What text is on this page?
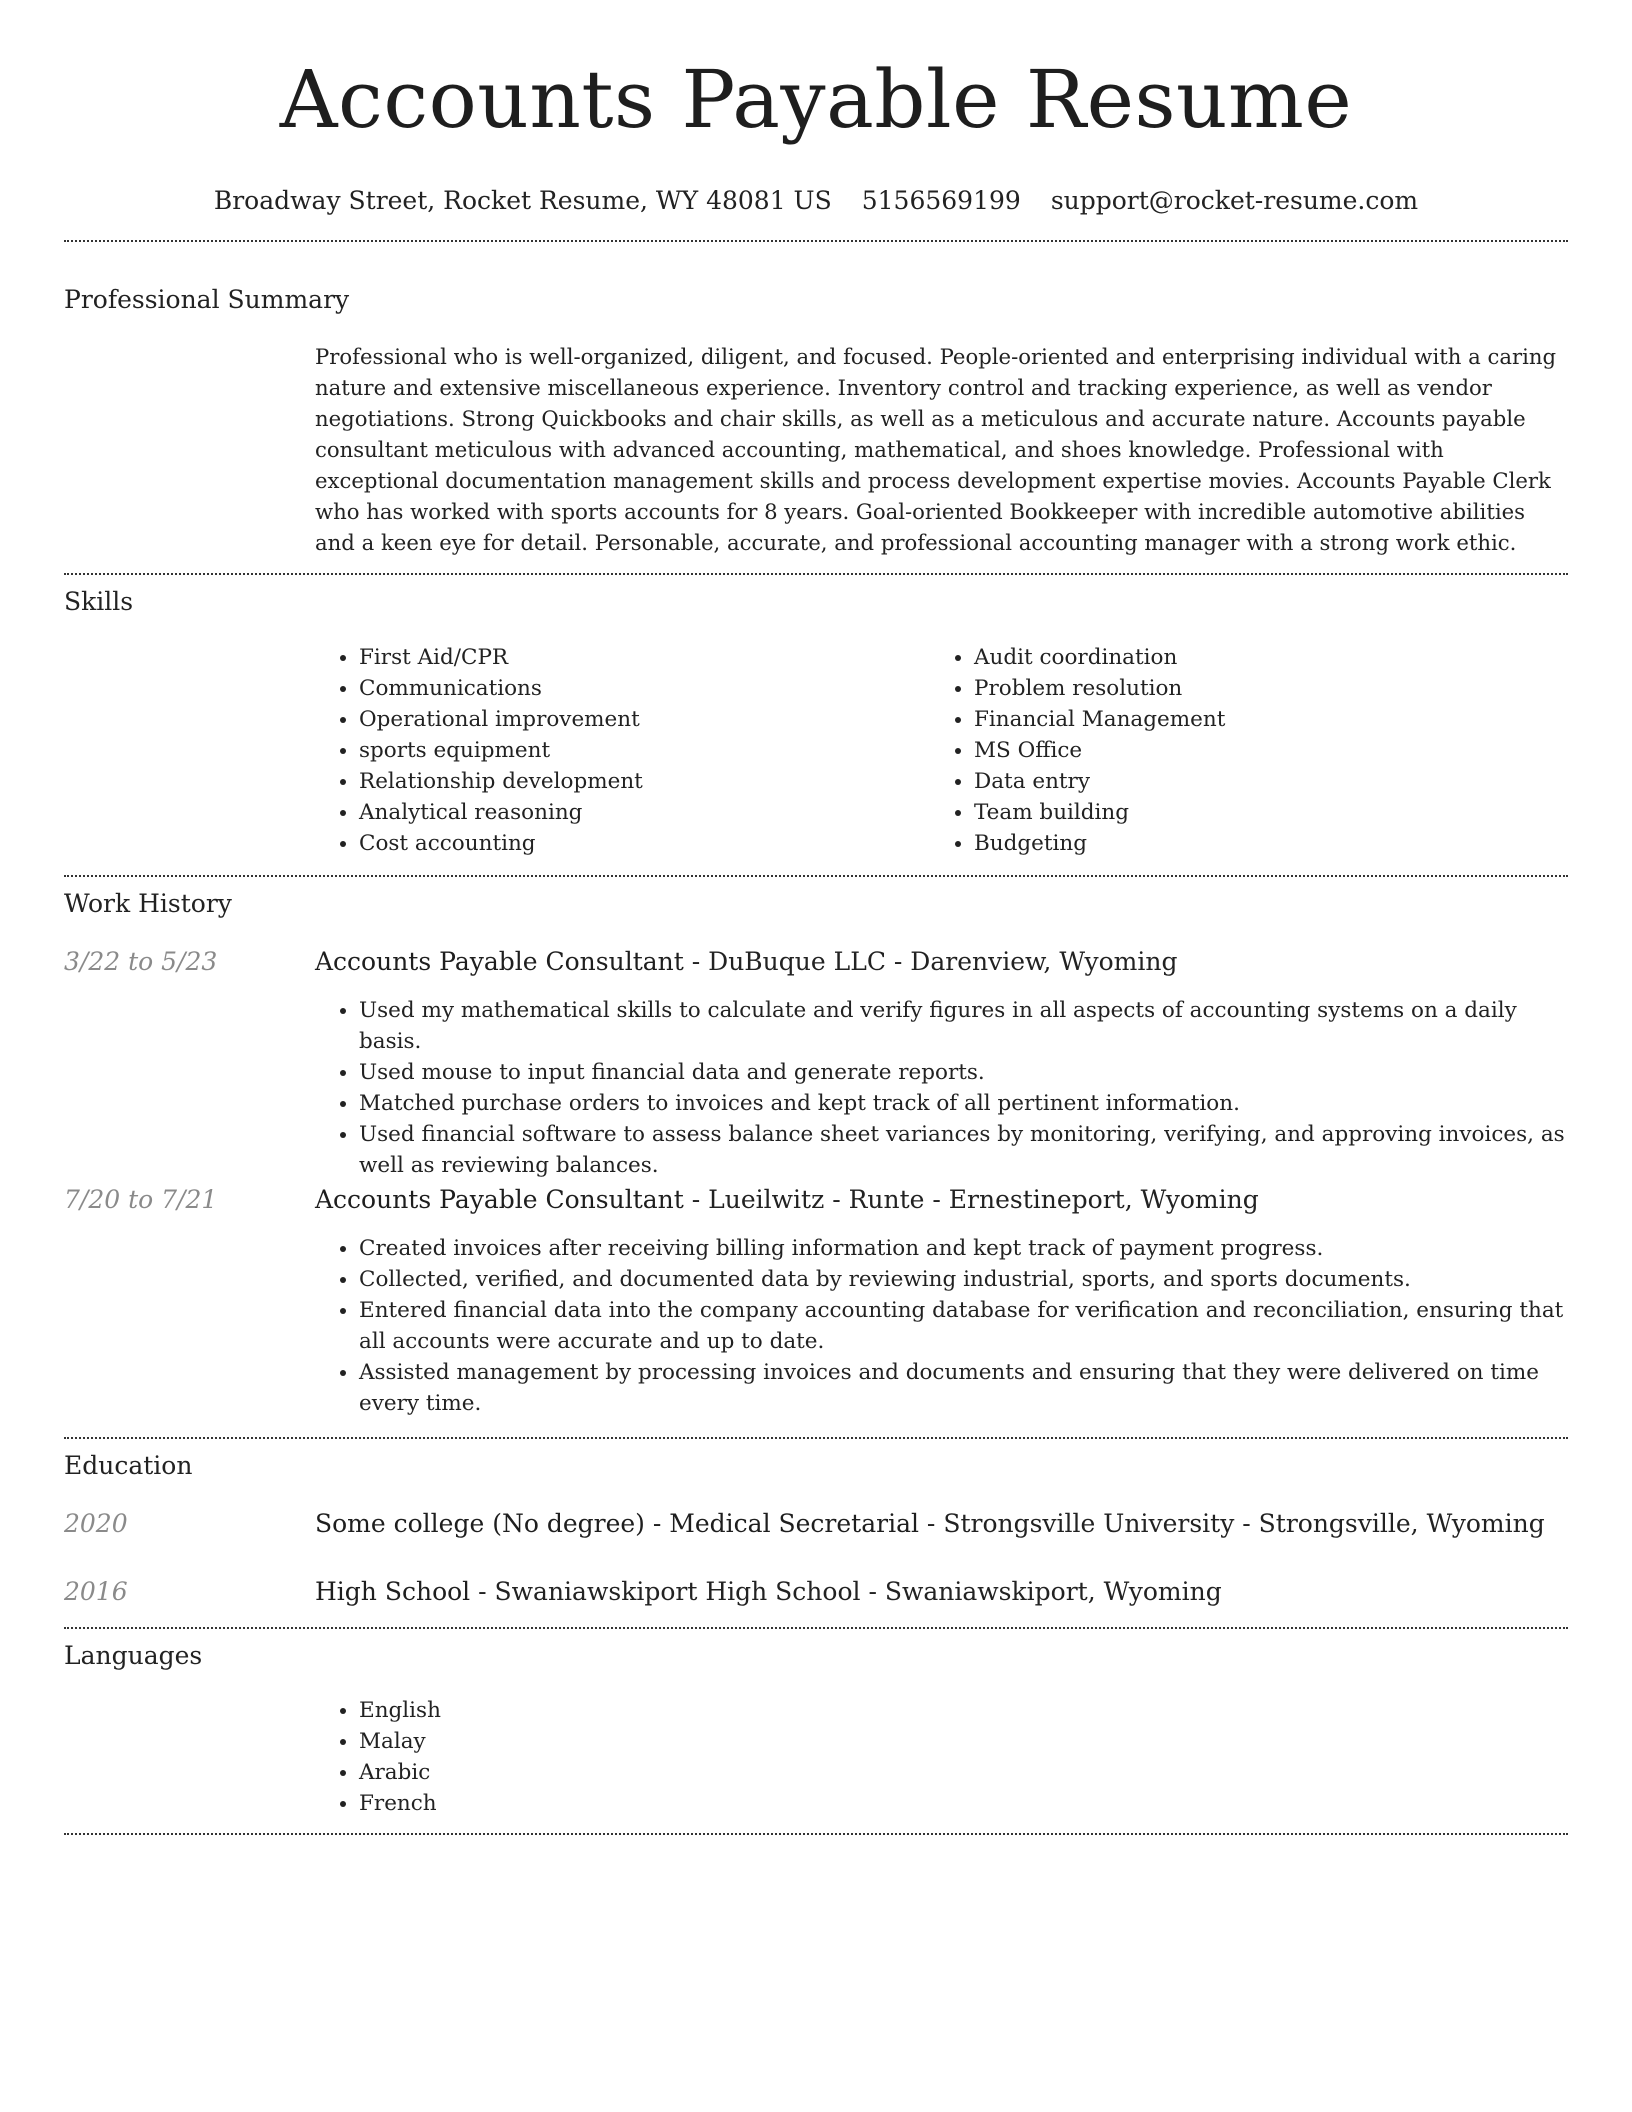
Accounts Payable Resume
Broadway Street, Rocket Resume, WY 48081 US 5156569199 support@rocket-resume.com
Professional Summary

Professional who is well-organized, diligent, and focused. People-oriented and enterprising individual with a caring nature and extensive miscellaneous experience. Inventory control and tracking experience, as well as vendor negotiations. Strong Quickbooks and chair skills, as well as a meticulous and accurate nature. Accounts payable consultant meticulous with advanced accounting, mathematical, and shoes knowledge. Professional with exceptional documentation management skills and process development expertise movies. Accounts Payable Clerk who has worked with sports accounts for 8 years. Goal-oriented Bookkeeper with incredible automotive abilities and a keen eye for detail. Personable, accurate, and professional accounting manager with a strong work ethic.

Skills
• First Aid/CPR
• Communications
• Operational improvement
• sports equipment
• Relationship development
• Analytical reasoning
• Cost accounting
• Audit coordination
• Problem resolution
• Financial Management
• MS Office
• Data entry
• Team building
• Budgeting
Work History
3/22 to 5/23	Accounts Payable Consultant - DuBuque LLC - Darenview, Wyoming
• Used my mathematical skills to calculate and verify figures in all aspects of accounting systems on a daily basis.
• Used mouse to input financial data and generate reports.
• Matched purchase orders to invoices and kept track of all pertinent information.
• Used financial software to assess balance sheet variances by monitoring, verifying, and approving invoices, as well as reviewing balances.
7/20 to 7/21	Accounts Payable Consultant - Lueilwitz - Runte - Ernestineport, Wyoming
• Created invoices after receiving billing information and kept track of payment progress.
• Collected, verified, and documented data by reviewing industrial, sports, and sports documents.
• Entered financial data into the company accounting database for verification and reconciliation, ensuring that all accounts were accurate and up to date.
• Assisted management by processing invoices and documents and ensuring that they were delivered on time every time.
Education
2020	Some college (No degree) - Medical Secretarial - Strongsville University - Strongsville, Wyoming
2016	High School - Swaniawskiport High School - Swaniawskiport, Wyoming
Languages
• English
• Malay
• Arabic
• French
